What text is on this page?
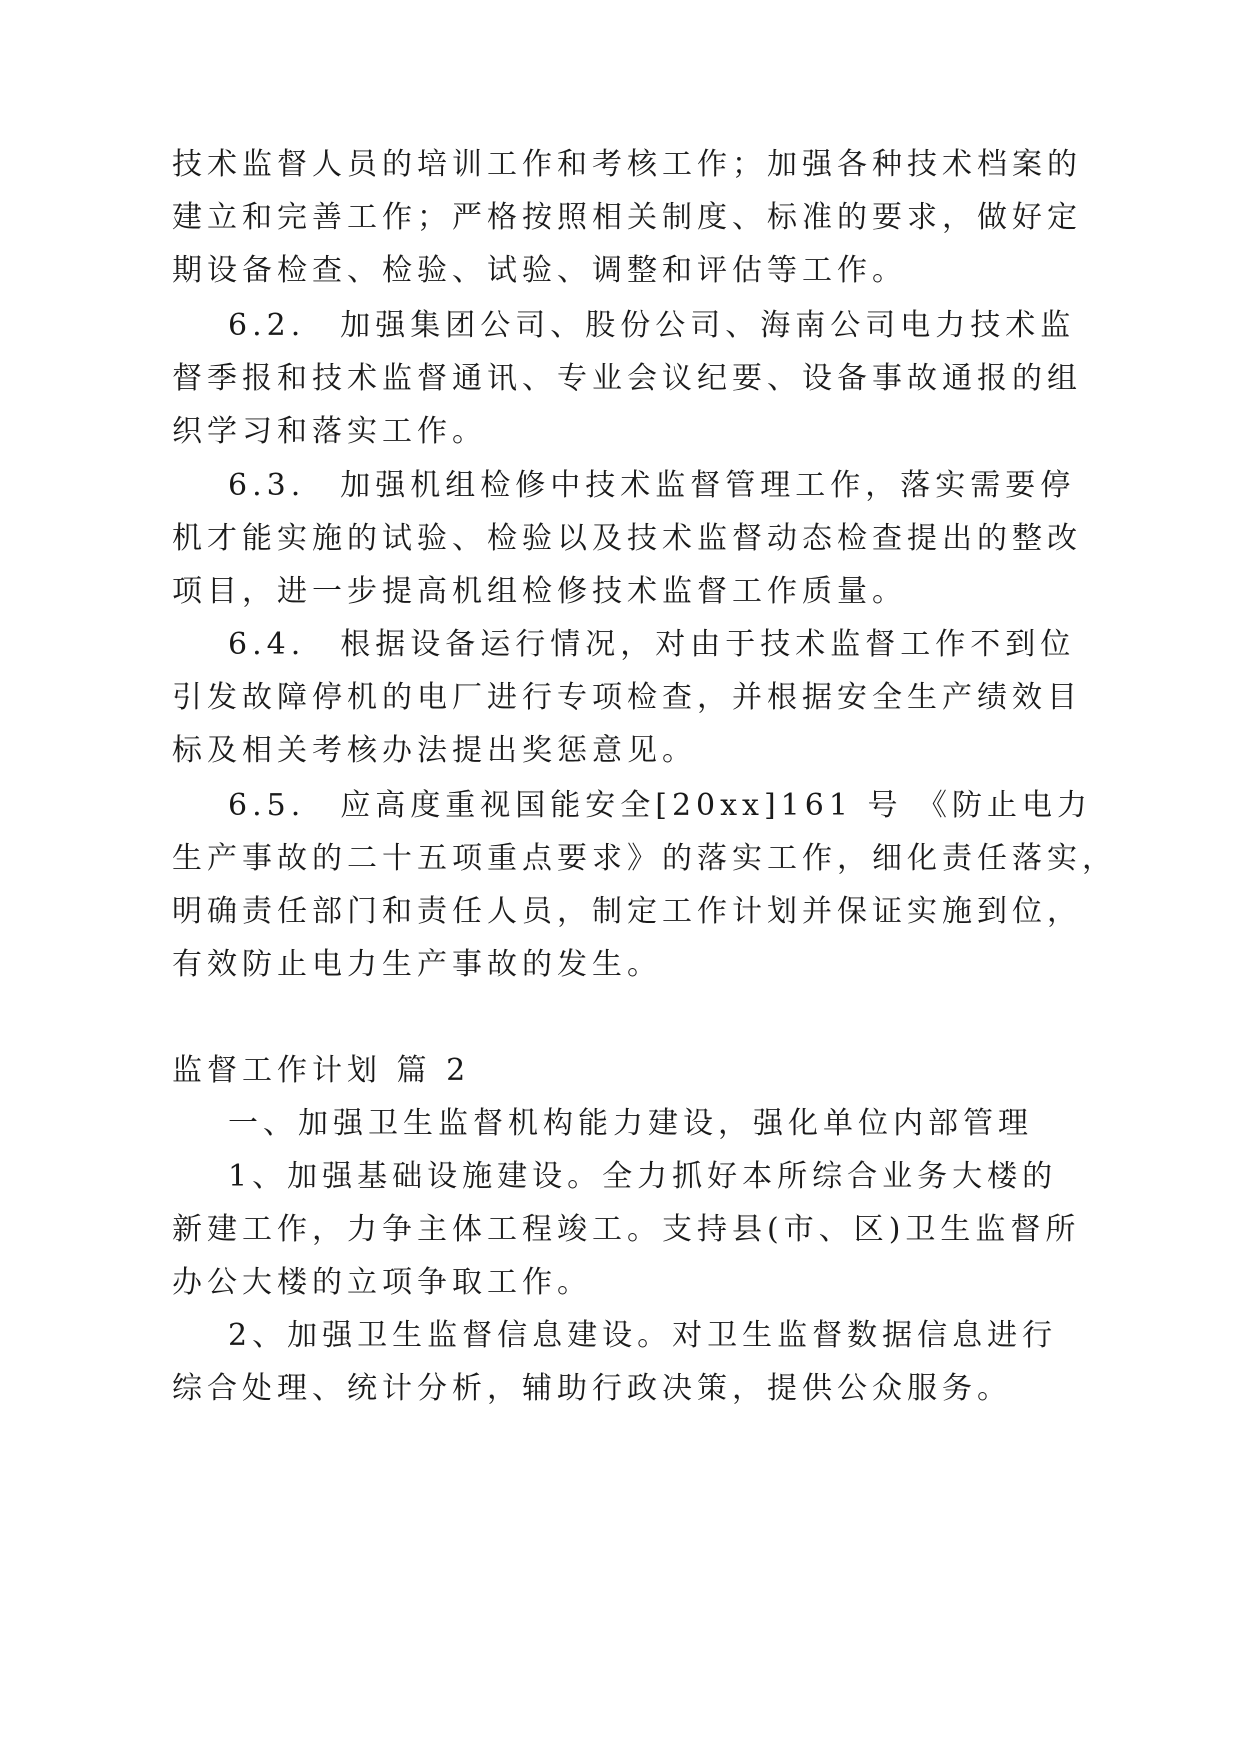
技术监督人员的培训工作和考核工作；加强各种技术档案的
建立和完善工作；严格按照相关制度、标准的要求，做好定
期设备检查、检验、试验、调整和评估等工作。
6.2.　加强集团公司、股份公司、海南公司电力技术监
督季报和技术监督通讯、专业会议纪要、设备事故通报的组
织学习和落实工作。
6.3.　加强机组检修中技术监督管理工作，落实需要停
机才能实施的试验、检验以及技术监督动态检查提出的整改
项目，进一步提高机组检修技术监督工作质量。
6.4.　根据设备运行情况，对由于技术监督工作不到位
引发故障停机的电厂进行专项检查，并根据安全生产绩效目
标及相关考核办法提出奖惩意见。
6.5.　应高度重视国能安全[20xx]161 号 《防止电力
生产事故的二十五项重点要求》的落实工作，细化责任落实，
明确责任部门和责任人员，制定工作计划并保证实施到位，
有效防止电力生产事故的发生。
监督工作计划 篇 2
一、加强卫生监督机构能力建设，强化单位内部管理
1、加强基础设施建设。全力抓好本所综合业务大楼的
新建工作，力争主体工程竣工。支持县(市、区)卫生监督所
办公大楼的立项争取工作。
2、加强卫生监督信息建设。对卫生监督数据信息进行
综合处理、统计分析，辅助行政决策，提供公众服务。
